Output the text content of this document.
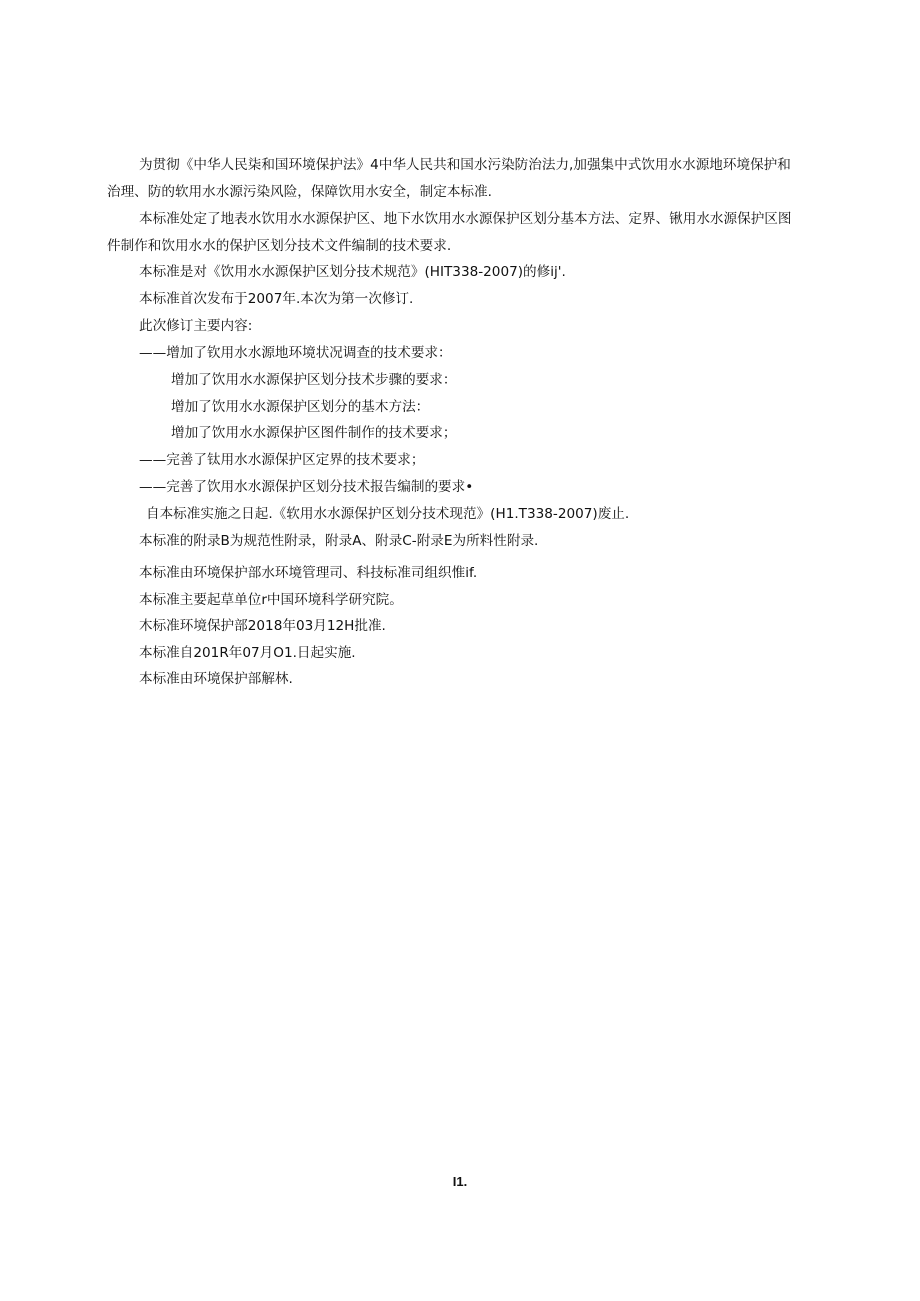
为贯彻《中华人民柒和国环境保护法》4中华人民共和国水污染防治法力,加强集中式饮用水水源地环境保护和
治理、防的软用水水源污染风险，保障饮用水安全，制定本标准.
本标准处定了地表水饮用水水源保护区、地下水饮用水水源保护区划分基本方法、定界、锹用水水源保护区图
件制作和饮用水水的保护区划分技术文件编制的技术要求.
本标准是对《饮用水水源保护区划分技术规范》(HIT338-2007)的修ij'.
本标准首次发布于2007年.本次为第一次修订.
此次修订主要内容:
——增加了钦用水水源地环境状况调查的技术要求：
增加了饮用水水源保护区划分技术步骤的要求：
增加了饮用水水源保护区划分的基木方法：
增加了饮用水水源保护区图件制作的技术要求；
——完善了钛用水水源保护区定界的技术要求；
——完善了饮用水水源保护区划分技术报告编制的要求•
自本标准实施之日起.《软用水水源保护区划分技术现范》(H1.T338-2007)废止.
本标准的附录B为规范性附录，附录A、附录C-附录E为所料性附录.
本标准由环境保护部水环境管理司、科技标准司组织惟if.
本标准主要起草单位r中国环境科学研究院。
木标准环境保护部2018年03月12H批准.
本标准自201R年07月O1.日起实施.
本标准由环境保护部解林.
I1.
